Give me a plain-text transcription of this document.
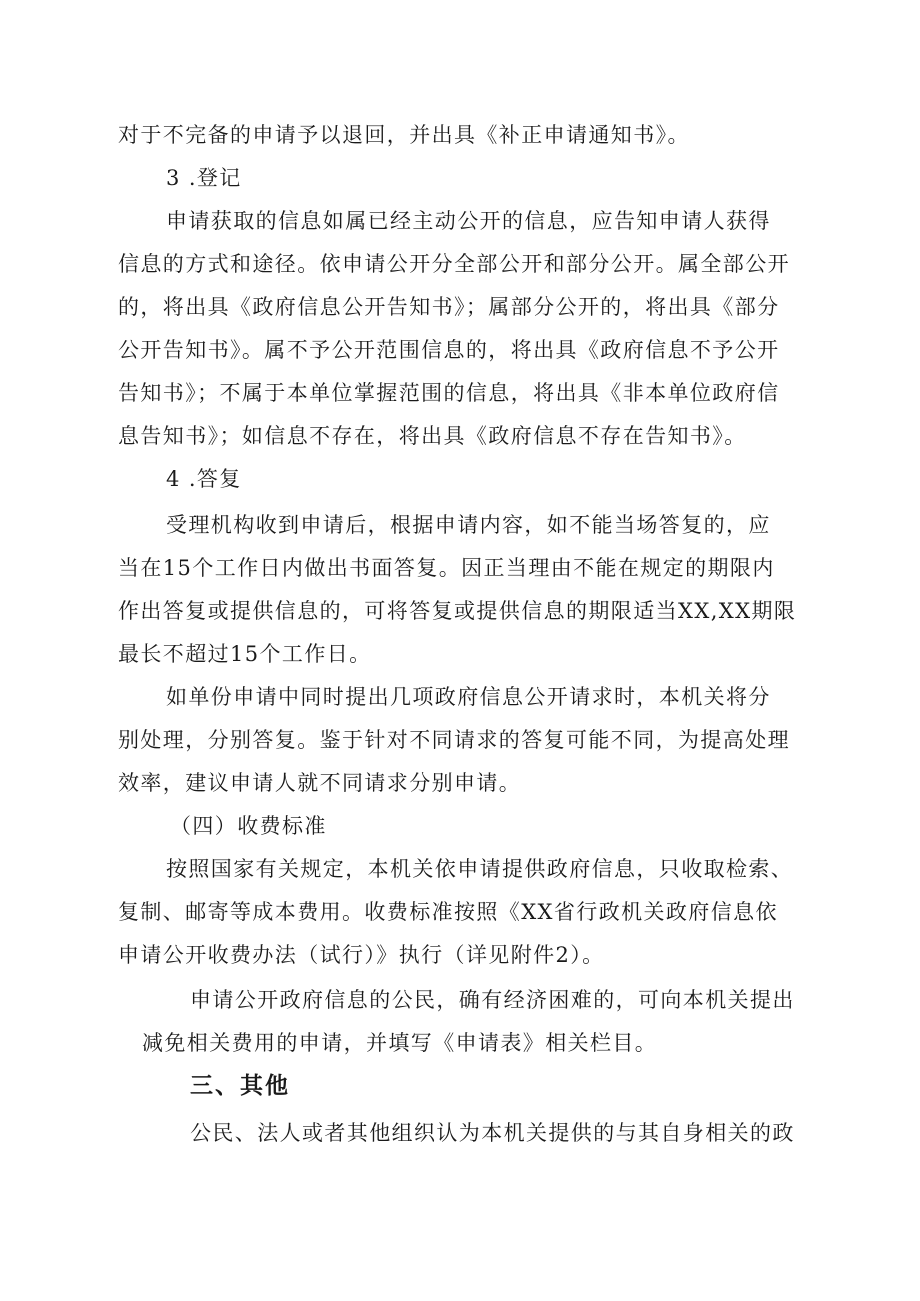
对于不完备的申请予以退回，并出具《补正申请通知书》。

3 .登记

申请获取的信息如属已经主动公开的信息，应告知申请人获得

信息的方式和途径。依申请公开分全部公开和部分公开。属全部公开

的，将出具《政府信息公开告知书》；属部分公开的，将出具《部分

公开告知书》。属不予公开范围信息的，将出具《政府信息不予公开

告知书》；不属于本单位掌握范围的信息，将出具《非本单位政府信

息告知书》；如信息不存在，将出具《政府信息不存在告知书》。

4 .答复

受理机构收到申请后，根据申请内容，如不能当场答复的，应

当在15个工作日内做出书面答复。因正当理由不能在规定的期限内

作出答复或提供信息的，可将答复或提供信息的期限适当XX,XX期限

最长不超过15个工作日。

如单份申请中同时提出几项政府信息公开请求时，本机关将分

别处理，分别答复。鉴于针对不同请求的答复可能不同，为提高处理

效率，建议申请人就不同请求分别申请。

（四）收费标准

按照国家有关规定，本机关依申请提供政府信息，只收取检索、

复制、邮寄等成本费用。收费标准按照《XX省行政机关政府信息依

申请公开收费办法（试行）》执行（详见附件2）。

申请公开政府信息的公民，确有经济困难的，可向本机关提出

减免相关费用的申请，并填写《申请表》相关栏目。

三、其他

公民、法人或者其他组织认为本机关提供的与其自身相关的政
